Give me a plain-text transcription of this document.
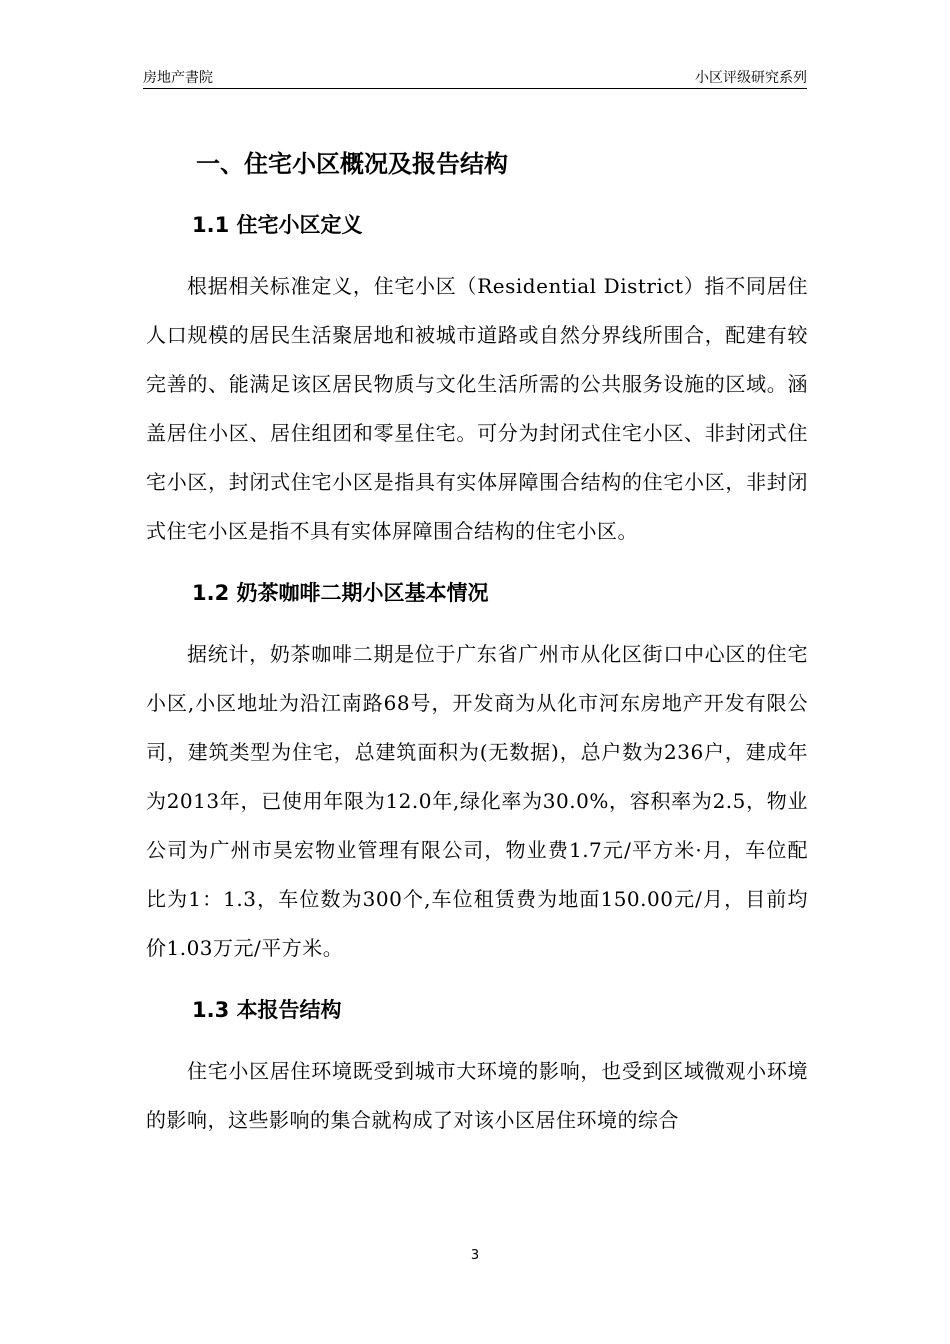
房地产書院	小区评级研究系列
一、住宅小区概况及报告结构
1.1 住宅小区定义

根据相关标准定义，住宅小区（Residential District）指不同居住人口规模的居民生活聚居地和被城市道路或自然分界线所围合，配建有较完善的、能满足该区居民物质与文化生活所需的公共服务设施的区域。涵盖居住小区、居住组团和零星住宅。可分为封闭式住宅小区、非封闭式住宅小区，封闭式住宅小区是指具有实体屏障围合结构的住宅小区，非封闭式住宅小区是指不具有实体屏障围合结构的住宅小区。

1.2 奶茶咖啡二期小区基本情况

据统计，奶茶咖啡二期是位于广东省广州市从化区街口中心区的住宅小区,小区地址为沿江南路68号，开发商为从化市河东房地产开发有限公司，建筑类型为住宅，总建筑面积为(无数据)，总户数为236户，建成年为2013年，已使用年限为12.0年,绿化率为30.0%，容积率为2.5，物业公司为广州市昊宏物业管理有限公司，物业费1.7元/平方米·月，车位配比为1：1.3，车位数为300个,车位租赁费为地面150.00元/月，目前均价1.03万元/平方米。

1.3 本报告结构

住宅小区居住环境既受到城市大环境的影响，也受到区域微观小环境的影响，这些影响的集合就构成了对该小区居住环境的综合

3
